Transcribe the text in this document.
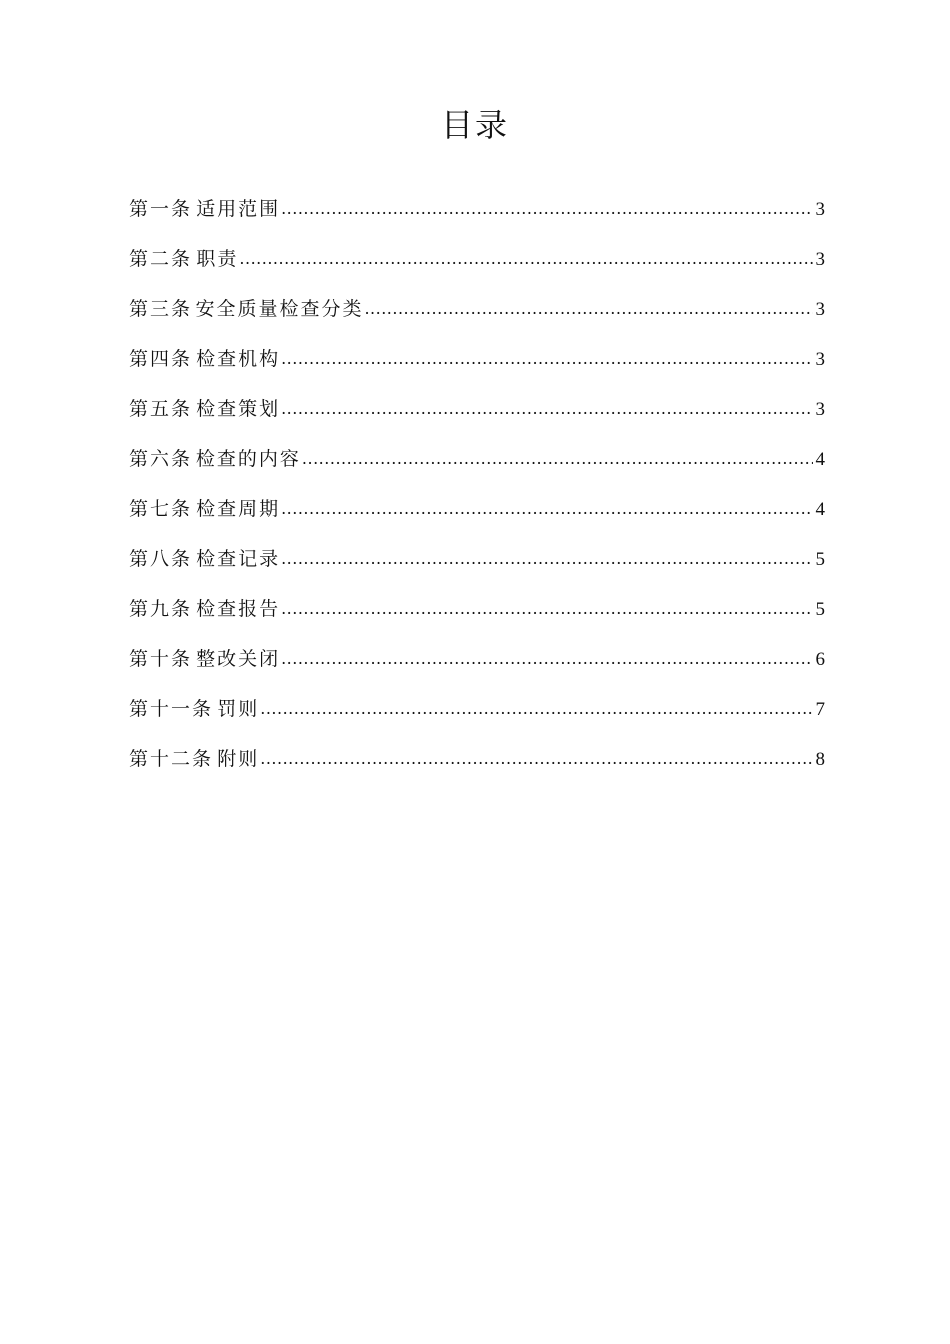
目录
第一条 适用范围 .....	3
第二条 职责 .....	3
第三条 安全质量检查分类 .....	3
第四条 检查机构 .....	3
第五条 检查策划 .....	3
第六条 检查的内容 .....	4
第七条 检查周期 .....	4
第八条 检查记录 .....	5
第九条 检查报告 .....	5
第十条 整改关闭 .....	6
第十一条 罚则 .....	7
第十二条 附则 .....	8
